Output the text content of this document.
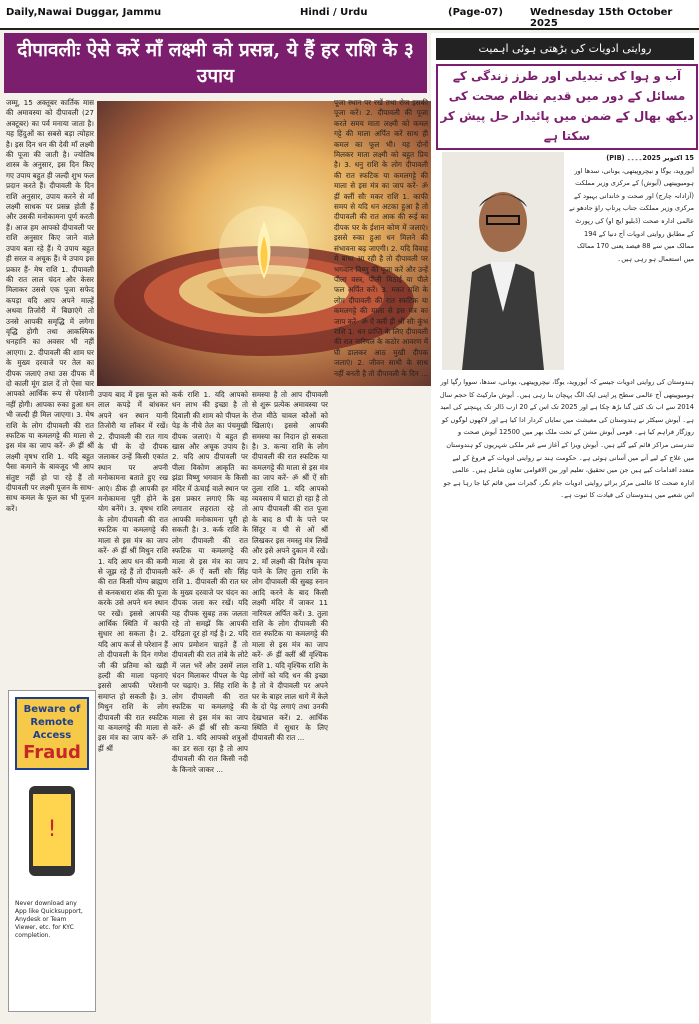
Daily,Nawai Duggar, Jammu	Hindi / Urdu	(Page-07)	Wednesday 15th October 2025
दीपावलीः ऐसे करें माँ लक्ष्मी को प्रसन्न, ये हैं हर राशि के ३ उपाय

जम्मू, 15 अक्तूबर कार्तिक मास की अमावस्या को दीपावली (27 अक्टूबर) का पर्व मनाया जाता है। यह हिंदुओं का सबसे बड़ा त्योहार है। इस दिन धन की देवी माँ लक्ष्मी की पूजा की जाती है। ज्योतिष शास्त्र के अनुसार, इस दिन किए गए उपाय बहुत ही जल्दी शुभ फल प्रदान करते हैं। दीपावली के दिन राशि अनुसार, उपाय करने से माँ लक्ष्मी साधक पर प्रसन्न होती हैं और उसकी मनोकामना पूर्ण करती हैं। आज हम आपको दीपावली पर राशि अनुसार किए जाने वाले उपाय बता रहे हैं। ये उपाय बहुत ही सरल व अचूक हैं। ये उपाय इस प्रकार हैं- मेष राशि 1. दीपावली की रात लाल चंदन और केसर मिलाकर उससे एक पूजा सफेद कपड़ा यदि आप अपने माल्हें अथवा तिजोरी में बिछाएंगे तो उनसे आपकी समृद्धि में लगेगा वृद्धि होगी तथा आकस्मिक धनहानि का अवसर भी नहीं आएगा। 2. दीपावली की शाम घर के मुख्य दरवाजे पर तेल का दीपक जलाएं तथा उस दीपक में दो काली मूंग डाल दें तो ऐसा चार आपको आर्थिक रूप से परेशानी नहीं होगी। आपका रुका हुआ धन भी जल्दी ही मिल जाएगा। 3. मेष राशि के लोग दीपावली की रात स्फटिक या कमलगट्टे की माला से इस मंत्र का जाप करें- ॐ ह्रीं श्रीं लक्ष्मी वृषभ राशि 1. यदि बहुत पैसा कमाने के बावजूद भी आप संतुष्ट नहीं हो पा रहे हैं तो दीपावली पर लक्ष्मी पूजन के साथ-साथ कमल के फूल का भी पूजन करें।

उपाय बाद में इस फूल को लाल कपड़े में बांधकर अपने धन स्थान यानी तिजोरी या लॉकर में रखें। 2. दीपावली की रात गाय के घी के दो दीपक जलाकर उन्हें किसी एकांत स्थान पर अपनी मनोकामना बताते हुए रख आएं। ठीक ही आपकी हर मनोकामना पूरी होने के योग बनेंगे। 3. वृषभ राशि के लोग दीपावली की रात स्फटिक या कमलगट्टे की माला से इस मंत्र का जाप करें- ॐ ह्रीं श्रीं मिथुन राशि 1. यदि आप धन की कमी से जूझ रहे हैं तो दीपावली की रात किसी योग्य ब्राह्मण से कनकधारा शंक की पूजा करके उसे अपने धन स्थान पर रखें। इससे आपकी आर्थिक स्थिति में काफी सुधार आ सकता है। 2. यदि आप कर्ज से परेशान हैं तो दीपावली के दिन गणेश जी की प्रतिमा को खड़ी हल्दी की माला पहनाएं इससे आपकी परेशानी समाप्त हो सकती है। 3. मिथुन राशि के लोग दीपावली की रात स्फटिक या कमलगट्टे की माला से इस मंत्र का जाप करें- ॐ ह्रीं श्रीं

कर्क राशि 1. यदि आपको धन लाभ की इच्छा है तो दिवाली की शाम को पीपल के पेड़ के नीचे तेल का पंचमुखी दीपक जलाएं। ये बहुत ही खास और अचूक उपाय है। 2. यदि आप दीपावली पर पीला विकोण आकृति का झंडा विष्णु भगवान के किसी मंदिर में ऊंचाई वाले स्थान पर इस प्रकार लगाएं कि वह लगातार लहराता रहे तो आपकी मनोकामना पूरी हो सकती है। 3. कर्क राशि के लोग दीपावली की रात स्फटिक या कमलगट्टे की माला से इस मंत्र का जाप करें- ॐ ऐं क्लीं सौः सिंह राशि 1. दीपावली की रात घर के मुख्य दरवाजे पर चंदन का दीपक जला कर रखें। यदि यह दीपक सुबह तक जलता रहे तो समझें कि आपकी दरिद्रता दूर हो गई है। 2. यदि आप प्रमोशन चाहते हैं तो दीपावली की रात तांबे के लोटे में जल भरें और उसमें लाल चंदन मिलाकर पीपल के पेड़ पर चढ़ाएं। 3. सिंह राशि के लोग दीपावली की रात स्फटिक या कमलगट्टे की माला से इस मंत्र का जाप करें- ॐ ह्रीं श्रीं सौः कन्या राशि 1. यदि आपको शत्रुओं का डर सता रहा है तो आप दीपावली की रात किसी नदी के किनारे जाकर ...

समस्या है तो आप दीपावली से शुरू प्रत्येक अमावस्या पर रोज मीठे चावल कौओं को खिलाएं। इससे आपकी समस्या का निदान हो सकता है। 3. कन्या राशि के लोग दीपावली की रात स्फटिक या कमलगट्टे की माला से इस मंत्र का जाप करें- ॐ श्रीं ऐं सौः तुला राशि 1. यदि आपको व्यवसाय में घाटा हो रहा है तो आप दीपावली की रात पूजा के बाद 8 घी के पत्ते पर सिंदूर व घी से ओं श्रीं लिखकर इस नमस्तु मंत्र लिखें और इसे अपने दुकान में रखें। 2. माँ लक्ष्मी की विशेष कृपा पाने के लिए तुला राशि के लोग दीपावली की सुबह स्नान आदि करने के बाद किसी लक्ष्मी मंदिर में जाकर 11 नारियल अर्पित करें। 3. तुला राशि के लोग दीपावली की रात स्फटिक या कमलगट्टे की माला से इस मंत्र का जाप करें- ॐ ह्रीं क्लीं श्रीं वृश्चिक राशि 1. यदि वृश्चिक राशि के लोगों को यदि धन की इच्छा है तो वे दीपावली पर अपने घर के बाहर लाल धागे में केले के दो पेड़ लगाएं तथा उनकी देखभाल करें। 2. आर्थिक स्थिति में सुधार के लिए दीपावली की रात ...

पूजा स्थान पर रखें तथा रोज इसकी पूजा करें। 2. दीपावली की पूजा करते समय माता लक्ष्मी को कमल गट्टे की माला अर्पित करें साथ ही कमल का फूल भी। यह दोनों मिलकर माता लक्ष्मी को बहुत प्रिय है। 3. धनु राशि के लोग दीपावली की रात स्फटिक या कमलगट्टे की माला से इस मंत्र का जाप करें- ॐ ह्रीं क्लीं सौः मकर राशि 1. काफी समय से यदि धन अटका हुआ है तो दीपावली की रात आक की रूई का दीपक घर के ईशान कोण में जलाएं। इससे रुका हुआ धन मिलने की संभावना बढ़ जाएगी। 2. यदि विवाह में बाधा आ रही है तो दीपावली पर भगवान विष्णु की पूजा करें और उन्हें पीला वस्त्र, पीली मिठाई या पीले फल अर्पित करें। 3. मकर राशि के लोग दीपावली की रात स्फटिक या कमलगट्टे की माला से इस मंत्र का जाप करें- ॐ ऐं क्लीं ह्रीं श्रीं सौः कुंभ राशि 1. धन प्राप्ति के लिए दीपावली की रात नारियल के कठोर आवरण में घी डालकर आठ मुखी दीपक जलाएं। 2. जीवन साथी के साथ नहीं बनती है तो दीपावली के दिन ...

Beware of
Remote Access
Fraud
!
Never download any App like Quicksupport, Anydesk or Team Viewer, etc. for KYC completion.
روایتی ادویات کی بڑھتی ہوئی اہمیت
آب و ہوا کی تبدیلی اور طرز زندگی کے مسائل کے دور میں قدیم نظام صحت کی دیکھ بھال کے ضمن میں پائیدار حل پیش کر سکتا ہے
15 اکتوبر 2025۔۔۔۔ (PIB)
آیوروید، یوگا و نیچروپیتھی، یونانی، سدھا اور ہومیوپیتھی (آیوش) کے مرکزی وزیر مملکت (آزادانہ چارج) اور صحت و خاندانی بہبود کے مرکزی وزیر مملکت جناب پرتاپ راؤ جادھو نے عالمی ادارہ صحت (ڈبلیو ایچ او) کی رپورٹ کے مطابق روایتی ادویات آج دنیا کے 194 ممالک میں سے 88 فیصد یعنی 170 ممالک میں استعمال ہو رہی ہیں۔
ہندوستان کی روایتی ادویات جیسے کہ آیوروید، یوگا، نیچروپیتھی، یونانی، سدھا، سووا رگپا اور ہومیوپیتھی آج عالمی سطح پر اپنی ایک الگ پہچان بنا رہی ہیں۔ آیوش مارکیٹ کا حجم سال 2014 سے اب تک کئی گنا بڑھ چکا ہے اور 2025 تک اس کے 20 ارب ڈالر تک پہنچنے کی امید ہے۔ آیوش سیکٹر نے ہندوستان کی معیشت میں نمایاں کردار ادا کیا ہے اور لاکھوں لوگوں کو روزگار فراہم کیا ہے۔ قومی آیوش مشن کے تحت ملک بھر میں 12500 آیوش صحت و تندرستی مراکز قائم کیے گئے ہیں۔ آیوش ویزا کے آغاز سے غیر ملکی شہریوں کو ہندوستان میں علاج کے لیے آنے میں آسانی ہوئی ہے۔ حکومت ہند نے روایتی ادویات کے فروغ کے لیے متعدد اقدامات کیے ہیں جن میں تحقیق، تعلیم اور بین الاقوامی تعاون شامل ہیں۔ عالمی ادارہ صحت کا عالمی مرکز برائے روایتی ادویات جام نگر، گجرات میں قائم کیا جا رہا ہے جو اس شعبے میں ہندوستان کی قیادت کا ثبوت ہے۔
